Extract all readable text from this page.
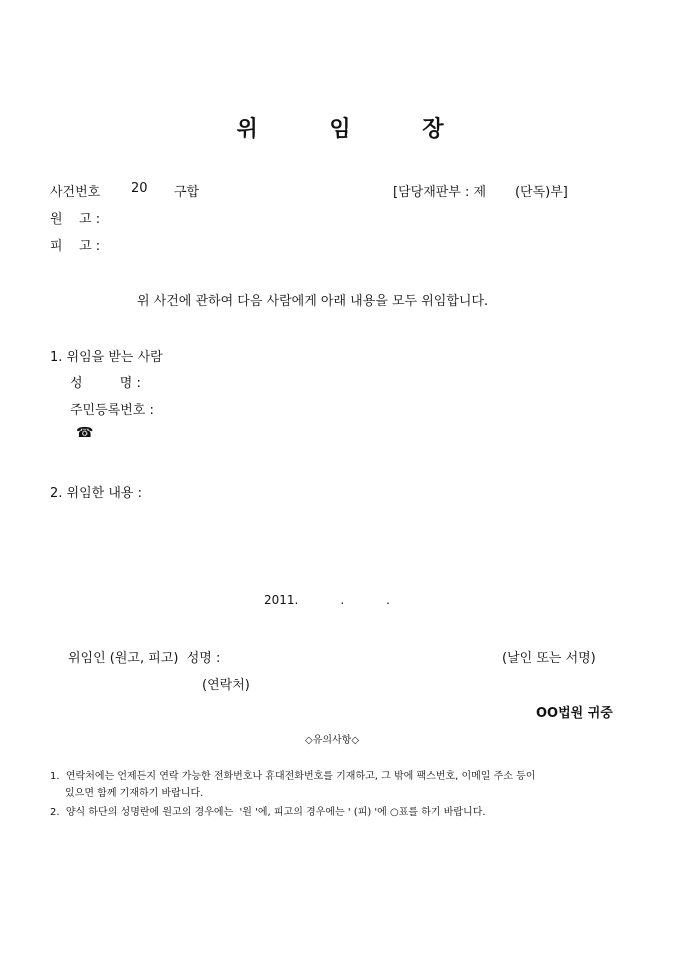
위 임 장
사건번호 20 구합	[담당재판부 : 제       (단독)부]
원    고 :
피    고 :
위 사건에 관하여 다음 사람에게 아래 내용을 모두 위임합니다.
1. 위임을 받는 사람
성         명 :
주민등록번호 :
☎
2. 위임한 내용 :
2011.           .           .
위임인 (원고, 피고)  성명 :	(날인 또는 서명)
(연락처)
OO법원 귀중
◇유의사항◇
1.  연락처에는 언제든지 연락 가능한 전화번호나 휴대전화번호를 기재하고, 그 밖에 팩스번호, 이메일 주소 등이
있으면 함께 기재하기 바랍니다.
2.  양식 하단의 성명란에 원고의 경우에는  '원 '에, 피고의 경우에는 ' (피) '에 ○표를 하기 바랍니다.
